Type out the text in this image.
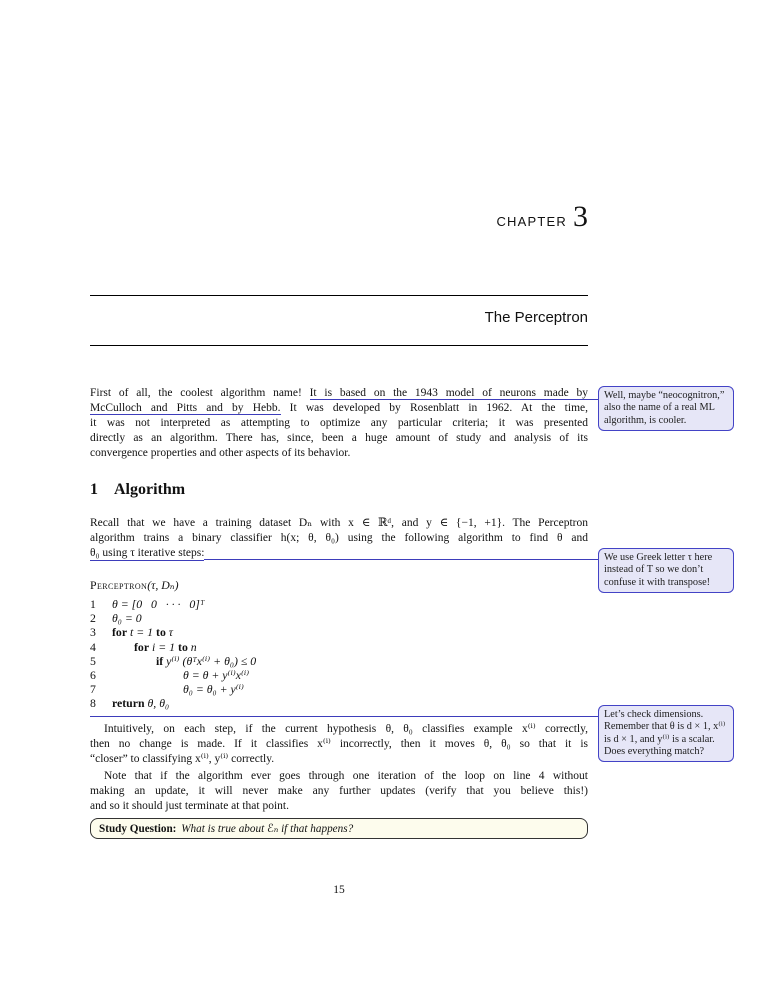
CHAPTER 3
The Perceptron
First of all, the coolest algorithm name! It is based on the 1943 model of neurons made by
McCulloch and Pitts and by Hebb. It was developed by Rosenblatt in 1962. At the time,
it was not interpreted as attempting to optimize any particular criteria; it was presented
directly as an algorithm. There has, since, been a huge amount of study and analysis of its
convergence properties and other aspects of its behavior.
Well, maybe “neocognitron,” also the name of a real ML algorithm, is cooler.
1 Algorithm
Recall that we have a training dataset Dₙ with x ∈ ℝᵈ, and y ∈ {−1, +1}. The Perceptron
algorithm trains a binary classifier h(x; θ, θ₀) using the following algorithm to find θ and
θ₀ using τ iterative steps:	We use Greek letter τ here instead of T so we don’t confuse it with transpose!
Perceptron(τ, Dₙ)
1	θ = [0   0   · · ·   0]ᵀ
2	θ₀ = 0
3	for t = 1 to τ
4	for i = 1 to n
5	if y⁽ⁱ⁾ (θᵀx⁽ⁱ⁾ + θ₀) ≤ 0
6	θ = θ + y⁽ⁱ⁾x⁽ⁱ⁾
7	θ₀ = θ₀ + y⁽ⁱ⁾
8	return θ, θ₀
Let’s check dimensions. Remember that θ is d × 1, x⁽ⁱ⁾ is d × 1, and y⁽ⁱ⁾ is a scalar. Does everything match?
Intuitively, on each step, if the current hypothesis θ, θ₀ classifies example x⁽ⁱ⁾ correctly,
then no change is made. If it classifies x⁽ⁱ⁾ incorrectly, then it moves θ, θ₀ so that it is
“closer” to classifying x⁽ⁱ⁾, y⁽ⁱ⁾ correctly.
Note that if the algorithm ever goes through one iteration of the loop on line 4 without
making an update, it will never make any further updates (verify that you believe this!)
and so it should just terminate at that point.
Study Question: What is true about ℰₙ if that happens?
15
